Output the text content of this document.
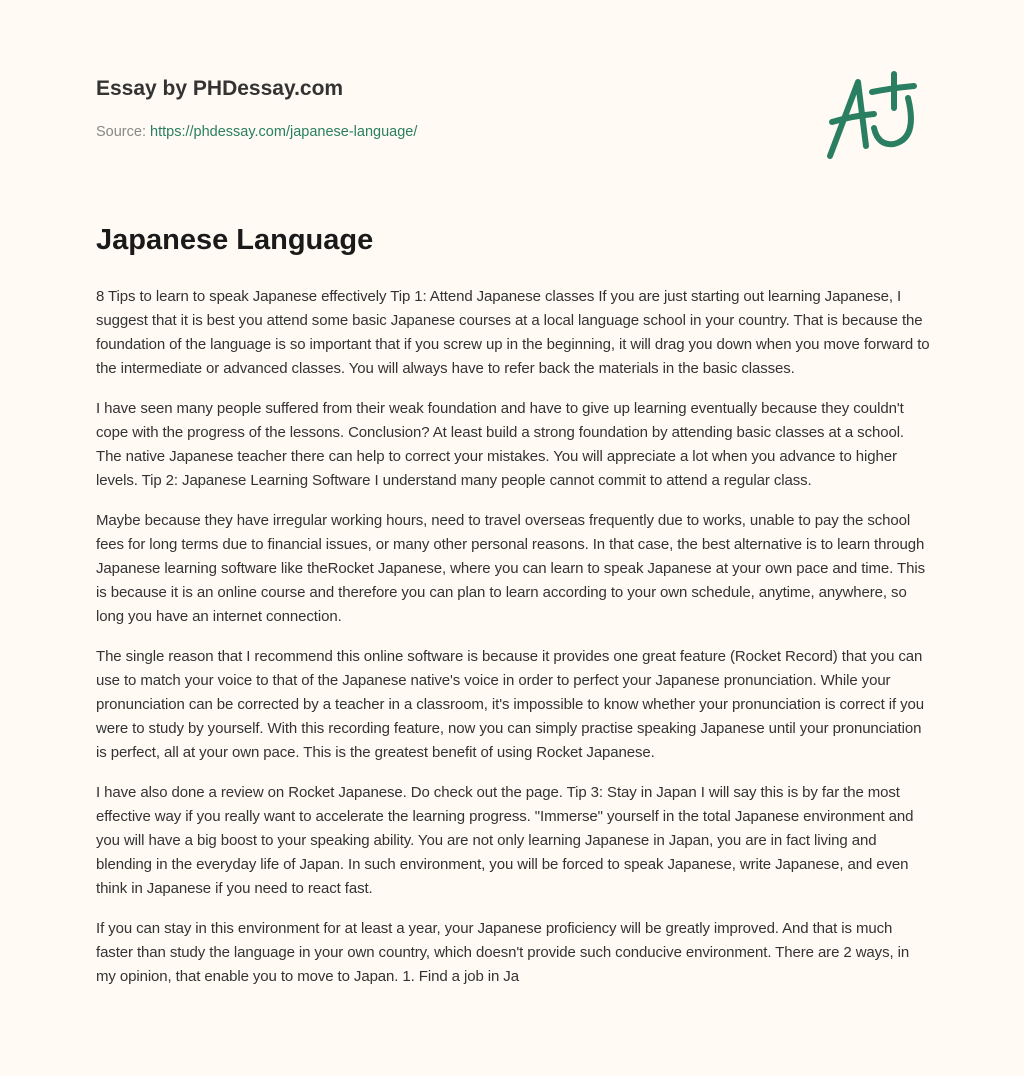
Essay by PHDessay.com

Source: https://phdessay.com/japanese-language/
Japanese Language

8 Tips to learn to speak Japanese effectively Tip 1: Attend Japanese classes If you are just starting out learning Japanese, I suggest that it is best you attend some basic Japanese courses at a local language school in your country. That is because the foundation of the language is so important that if you screw up in the beginning, it will drag you down when you move forward to the intermediate or advanced classes. You will always have to refer back the materials in the basic classes.

I have seen many people suffered from their weak foundation and have to give up learning eventually because they couldn't cope with the progress of the lessons. Conclusion? At least build a strong foundation by attending basic classes at a school. The native Japanese teacher there can help to correct your mistakes. You will appreciate a lot when you advance to higher levels. Tip 2: Japanese Learning Software I understand many people cannot commit to attend a regular class.

Maybe because they have irregular working hours, need to travel overseas frequently due to works, unable to pay the school fees for long terms due to financial issues, or many other personal reasons. In that case, the best alternative is to learn through Japanese learning software like theRocket Japanese, where you can learn to speak Japanese at your own pace and time. This is because it is an online course and therefore you can plan to learn according to your own schedule, anytime, anywhere, so long you have an internet connection.

The single reason that I recommend this online software is because it provides one great feature (Rocket Record) that you can use to match your voice to that of the Japanese native's voice in order to perfect your Japanese pronunciation. While your pronunciation can be corrected by a teacher in a classroom, it's impossible to know whether your pronunciation is correct if you were to study by yourself. With this recording feature, now you can simply practise speaking Japanese until your pronunciation is perfect, all at your own pace. This is the greatest benefit of using Rocket Japanese.

I have also done a review on Rocket Japanese. Do check out the page. Tip 3: Stay in Japan I will say this is by far the most effective way if you really want to accelerate the learning progress. "Immerse" yourself in the total Japanese environment and you will have a big boost to your speaking ability. You are not only learning Japanese in Japan, you are in fact living and blending in the everyday life of Japan. In such environment, you will be forced to speak Japanese, write Japanese, and even think in Japanese if you need to react fast.

If you can stay in this environment for at least a year, your Japanese proficiency will be greatly improved. And that is much faster than study the language in your own country, which doesn't provide such conducive environment. There are 2 ways, in my opinion, that enable you to move to Japan. 1. Find a job in Ja
